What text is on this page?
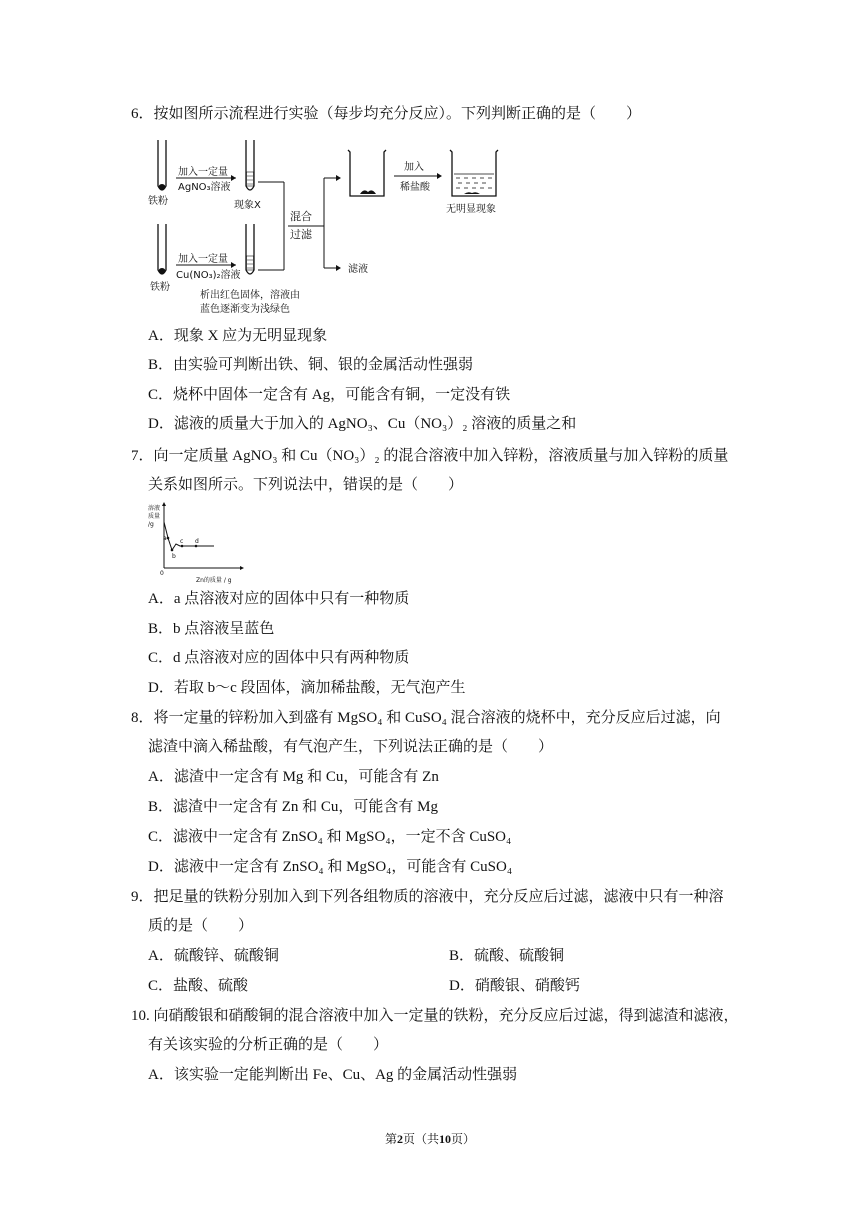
6．按如图所示流程进行实验（每步均充分反应）。下列判断正确的是（　　）
铁粉
加入一定量
AgNO₃溶液
现象X
铁粉
加入一定量
Cu(NO₃)₂溶液
析出红色固体，溶液由
蓝色逐渐变为浅绿色
混合
过滤
滤液
加入
稀盐酸
无明显现象
A．现象 X 应为无明显现象
B．由实验可判断出铁、铜、银的金属活动性强弱
C．烧杯中固体一定含有 Ag，可能含有铜，一定没有铁
D．滤液的质量大于加入的 AgNO₃、Cu（NO₃）₂ 溶液的质量之和
7．向一定质量 AgNO₃ 和 Cu（NO₃）₂ 的混合溶液中加入锌粉，溶液质量与加入锌粉的质量
关系如图所示。下列说法中，错误的是（　　）
溶液
质量
/g
0
Zn的质量 / g
a
b
c d
A．a 点溶液对应的固体中只有一种物质
B．b 点溶液呈蓝色
C．d 点溶液对应的固体中只有两种物质
D．若取 b～c 段固体，滴加稀盐酸，无气泡产生
8．将一定量的锌粉加入到盛有 MgSO₄ 和 CuSO₄ 混合溶液的烧杯中，充分反应后过滤，向
滤渣中滴入稀盐酸，有气泡产生，下列说法正确的是（　　）
A．滤渣中一定含有 Mg 和 Cu，可能含有 Zn
B．滤渣中一定含有 Zn 和 Cu，可能含有 Mg
C．滤液中一定含有 ZnSO₄ 和 MgSO₄，一定不含 CuSO₄
D．滤液中一定含有 ZnSO₄ 和 MgSO₄，可能含有 CuSO₄
9．把足量的铁粉分别加入到下列各组物质的溶液中，充分反应后过滤，滤液中只有一种溶
质的是（　　）
A．硫酸锌、硫酸铜	B．硫酸、硫酸铜
C．盐酸、硫酸	D．硝酸银、硝酸钙
10. 向硝酸银和硝酸铜的混合溶液中加入一定量的铁粉，充分反应后过滤，得到滤渣和滤液，
有关该实验的分析正确的是（　　）
A．该实验一定能判断出 Fe、Cu、Ag 的金属活动性强弱
第2页（共10页）
